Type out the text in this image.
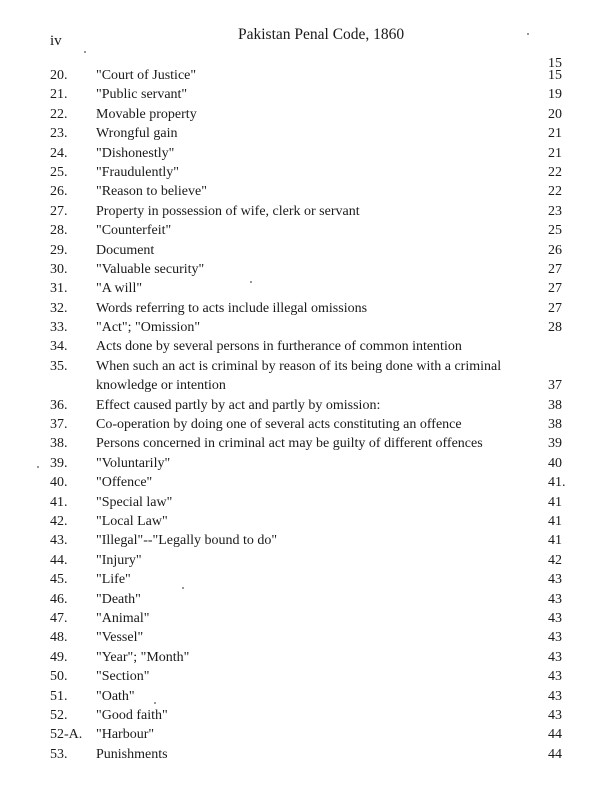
iv	Pakistan Penal Code, 1860
15
20. "Court of Justice"	15
21. "Public servant"	19
22. Movable property	20
23. Wrongful gain	21
24. "Dishonestly"	21
25. "Fraudulently"	22
26. "Reason to believe"	22
27. Property in possession of wife, clerk or servant	23
28. "Counterfeit"	25
29. Document	26
30. "Valuable security"	27
31. "A will"	27
32. Words referring to acts include illegal omissions	27
33. "Act"; "Omission"	28
34. Acts done by several persons in furtherance of common intention
35. When such an act is criminal by reason of its being done with a criminal knowledge or intention	37
36. Effect caused partly by act and partly by omission:	38
37. Co-operation by doing one of several acts constituting an offence	38
38. Persons concerned in criminal act may be guilty of different offences	39
39. "Voluntarily"	40
40. "Offence"	41.
41. "Special law"	41
42. "Local Law"	41
43. "Illegal"--"Legally bound to do"	41
44. "Injury"	42
45. "Life"	43
46. "Death"	43
47. "Animal"	43
48. "Vessel"	43
49. "Year"; "Month"	43
50. "Section"	43
51. "Oath"	43
52. "Good faith"	43
52-A. "Harbour"	44
53. Punishments	44
